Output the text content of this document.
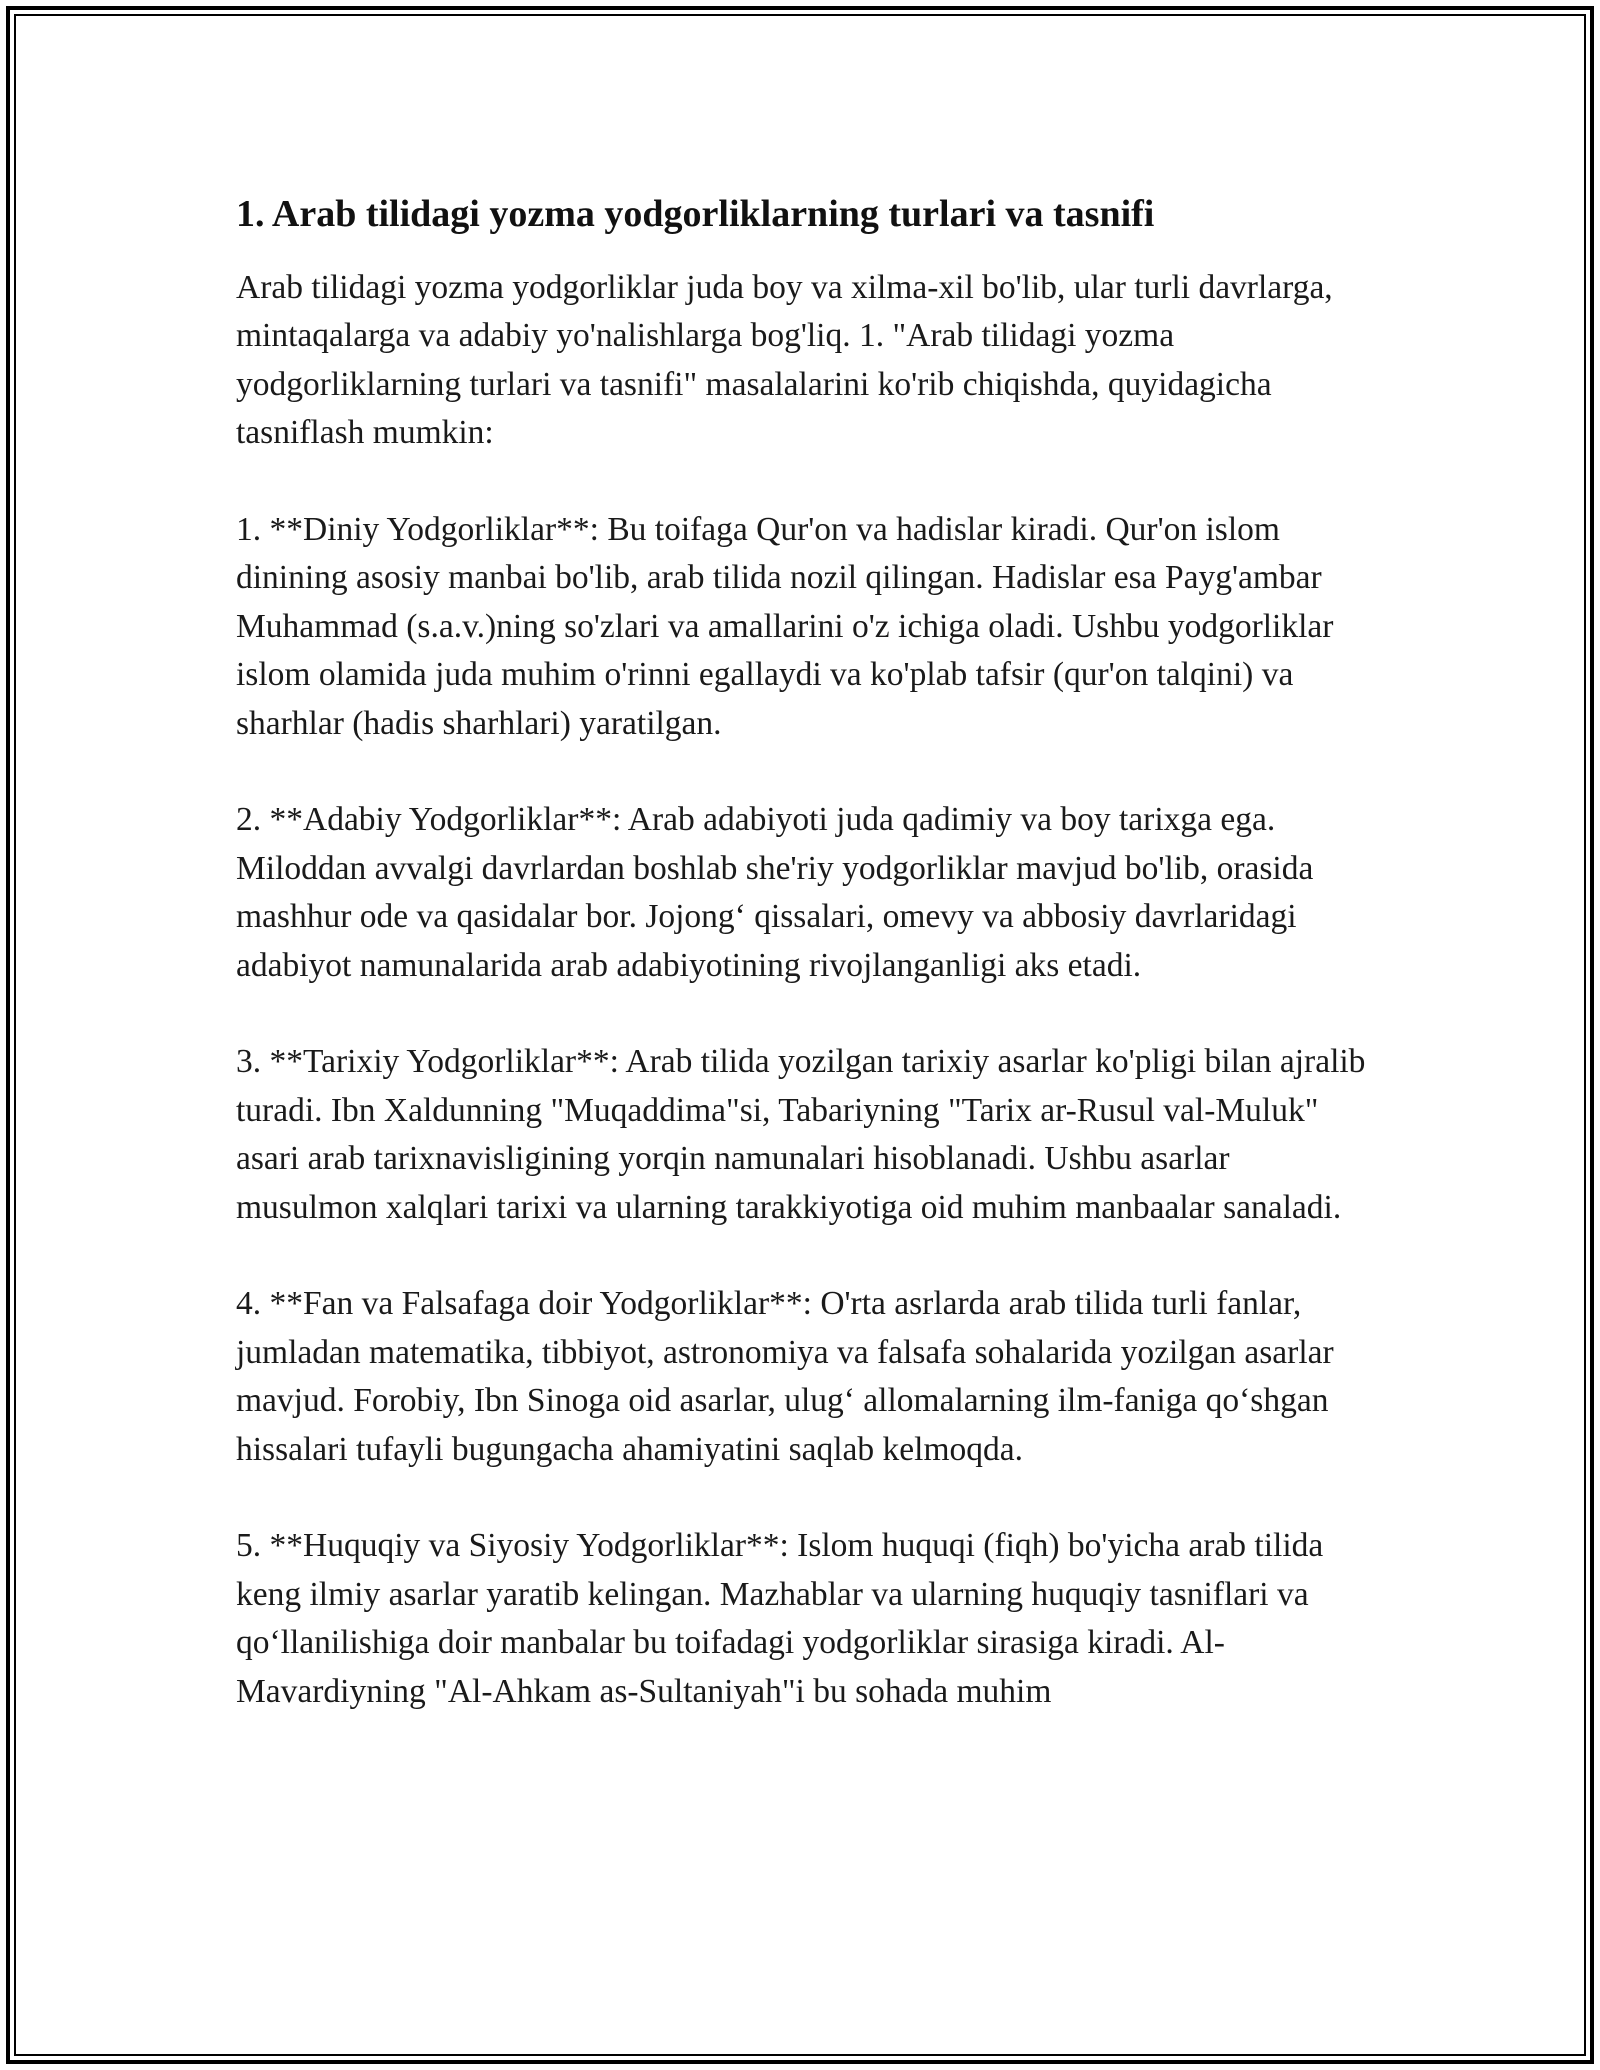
1. Arab tilidagi yozma yodgorliklarning turlari va tasnifi

Arab tilidagi yozma yodgorliklar juda boy va xilma-xil bo'lib, ular turli davrlarga, mintaqalarga va adabiy yo'nalishlarga bog'liq. 1. "Arab tilidagi yozma yodgorliklarning turlari va tasnifi" masalalarini ko'rib chiqishda, quyidagicha tasniflash mumkin:

1. **Diniy Yodgorliklar**: Bu toifaga Qur'on va hadislar kiradi. Qur'on islom dinining asosiy manbai bo'lib, arab tilida nozil qilingan. Hadislar esa Payg'ambar Muhammad (s.a.v.)ning so'zlari va amallarini o'z ichiga oladi. Ushbu yodgorliklar islom olamida juda muhim o'rinni egallaydi va ko'plab tafsir (qur'on talqini) va sharhlar (hadis sharhlari) yaratilgan.

2. **Adabiy Yodgorliklar**: Arab adabiyoti juda qadimiy va boy tarixga ega. Miloddan avvalgi davrlardan boshlab she'riy yodgorliklar mavjud bo'lib, orasida mashhur ode va qasidalar bor. Jojongʻ qissalari, omevy va abbosiy davrlaridagi adabiyot namunalarida arab adabiyotining rivojlanganligi aks etadi.

3. **Tarixiy Yodgorliklar**: Arab tilida yozilgan tarixiy asarlar ko'pligi bilan ajralib turadi. Ibn Xaldunning "Muqaddima"si, Tabariyning "Tarix ar-Rusul val-Muluk" asari arab tarixnavisligining yorqin namunalari hisoblanadi. Ushbu asarlar musulmon xalqlari tarixi va ularning tarakkiyotiga oid muhim manbaalar sanaladi.

4. **Fan va Falsafaga doir Yodgorliklar**: O'rta asrlarda arab tilida turli fanlar, jumladan matematika, tibbiyot, astronomiya va falsafa sohalarida yozilgan asarlar mavjud. Forobiy, Ibn Sinoga oid asarlar, ulugʻ allomalarning ilm-faniga qoʻshgan hissalari tufayli bugungacha ahamiyatini saqlab kelmoqda.

5. **Huquqiy va Siyosiy Yodgorliklar**: Islom huquqi (fiqh) bo'yicha arab tilida keng ilmiy asarlar yaratib kelingan. Mazhablar va ularning huquqiy tasniflari va qoʻllanilishiga doir manbalar bu toifadagi yodgorliklar sirasiga kiradi. Al-Mavardiyning "Al-Ahkam as-Sultaniyah"i bu sohada muhim
